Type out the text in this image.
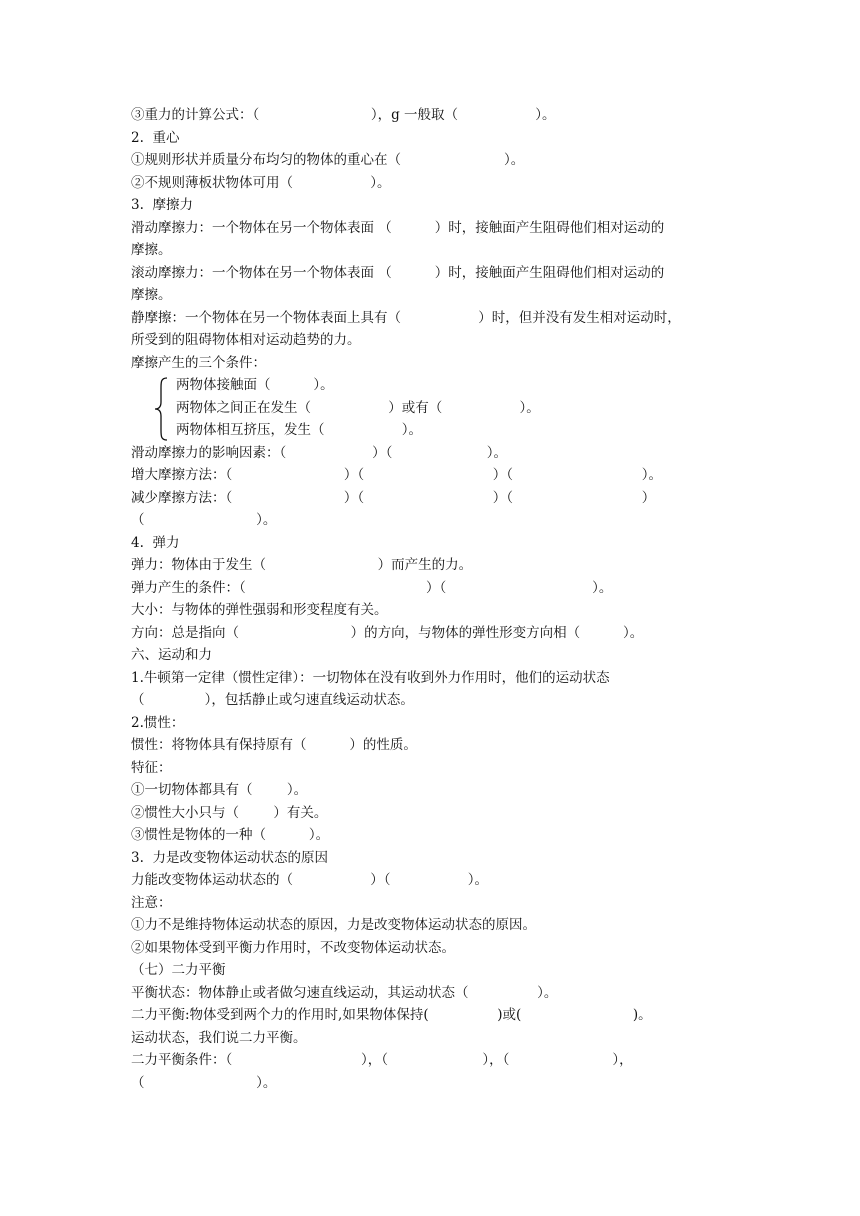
③重力的计算公式：（                          ），g 一般取（                  ）。
2.  重心
①规则形状并质量分布均匀的物体的重心在（                        ）。
②不规则薄板状物体可用（                  ）。
3.  摩擦力
滑动摩擦力：一个物体在另一个物体表面 （          ）时，接触面产生阻碍他们相对运动的
摩擦。
滚动摩擦力：一个物体在另一个物体表面 （          ）时，接触面产生阻碍他们相对运动的
摩擦。
静摩擦：一个物体在另一个物体表面上具有（                  ）时，但并没有发生相对运动时，
所受到的阻碍物体相对运动趋势的力。
摩擦产生的三个条件：
两物体接触面（          ）。
两物体之间正在发生（                  ）或有（                  ）。
两物体相互挤压，发生（                  ）。
滑动摩擦力的影响因素：（                    ）（                      ）。
增大摩擦方法：（                          ）（                              ）（                              ）。
减少摩擦方法：（                          ）（                              ）（                              ）
（                          ）。
4.  弹力
弹力：物体由于发生（                          ）而产生的力。
弹力产生的条件：（                                          ）（                                  ）。
大小：与物体的弹性强弱和形变程度有关。
方向：总是指向（                          ）的方向，与物体的弹性形变方向相（          ）。
六、运动和力
1.牛顿第一定律（惯性定律）：一切物体在没有收到外力作用时，他们的运动状态
（              ），包括静止或匀速直线运动状态。
2.惯性：
惯性：将物体具有保持原有（          ）的性质。
特征：
①一切物体都具有（        ）。
②惯性大小只与（        ）有关。
③惯性是物体的一种（          ）。
3.  力是改变物体运动状态的原因
力能改变物体运动状态的（                  ）（                  ）。
注意：
①力不是维持物体运动状态的原因，力是改变物体运动状态的原因。
②如果物体受到平衡力作用时，不改变物体运动状态。
（七）二力平衡
平衡状态：物体静止或者做匀速直线运动，其运动状态（                ）。
二力平衡:物体受到两个力的作用时,如果物体保持(                )或(                          )。
运动状态，我们说二力平衡。
二力平衡条件：（                              ），（                      ），（                        ），
（                          ）。
